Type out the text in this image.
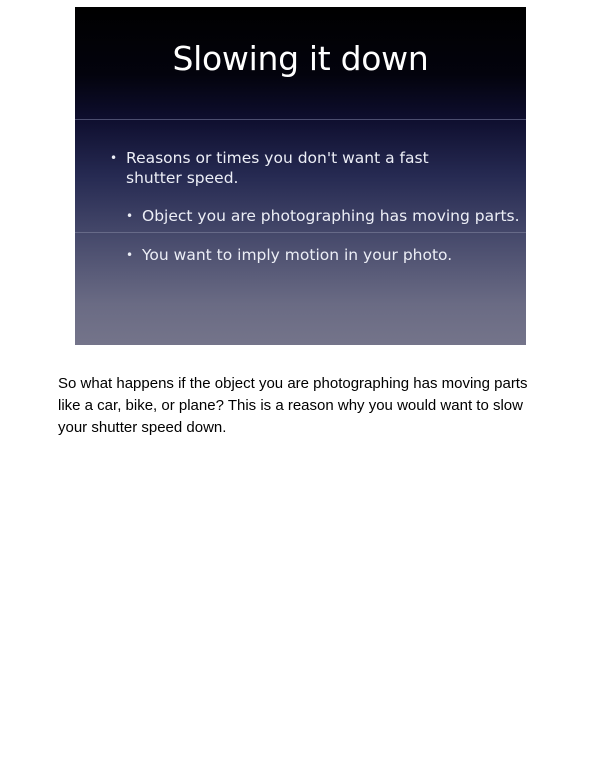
Slowing it down
• Reasons or times you don't want a fast shutter speed.
• Object you are photographing has moving parts.
• You want to imply motion in your photo.
So what happens if the object you are photographing has moving parts like a car, bike, or plane? This is a reason why you would want to slow your shutter speed down.
